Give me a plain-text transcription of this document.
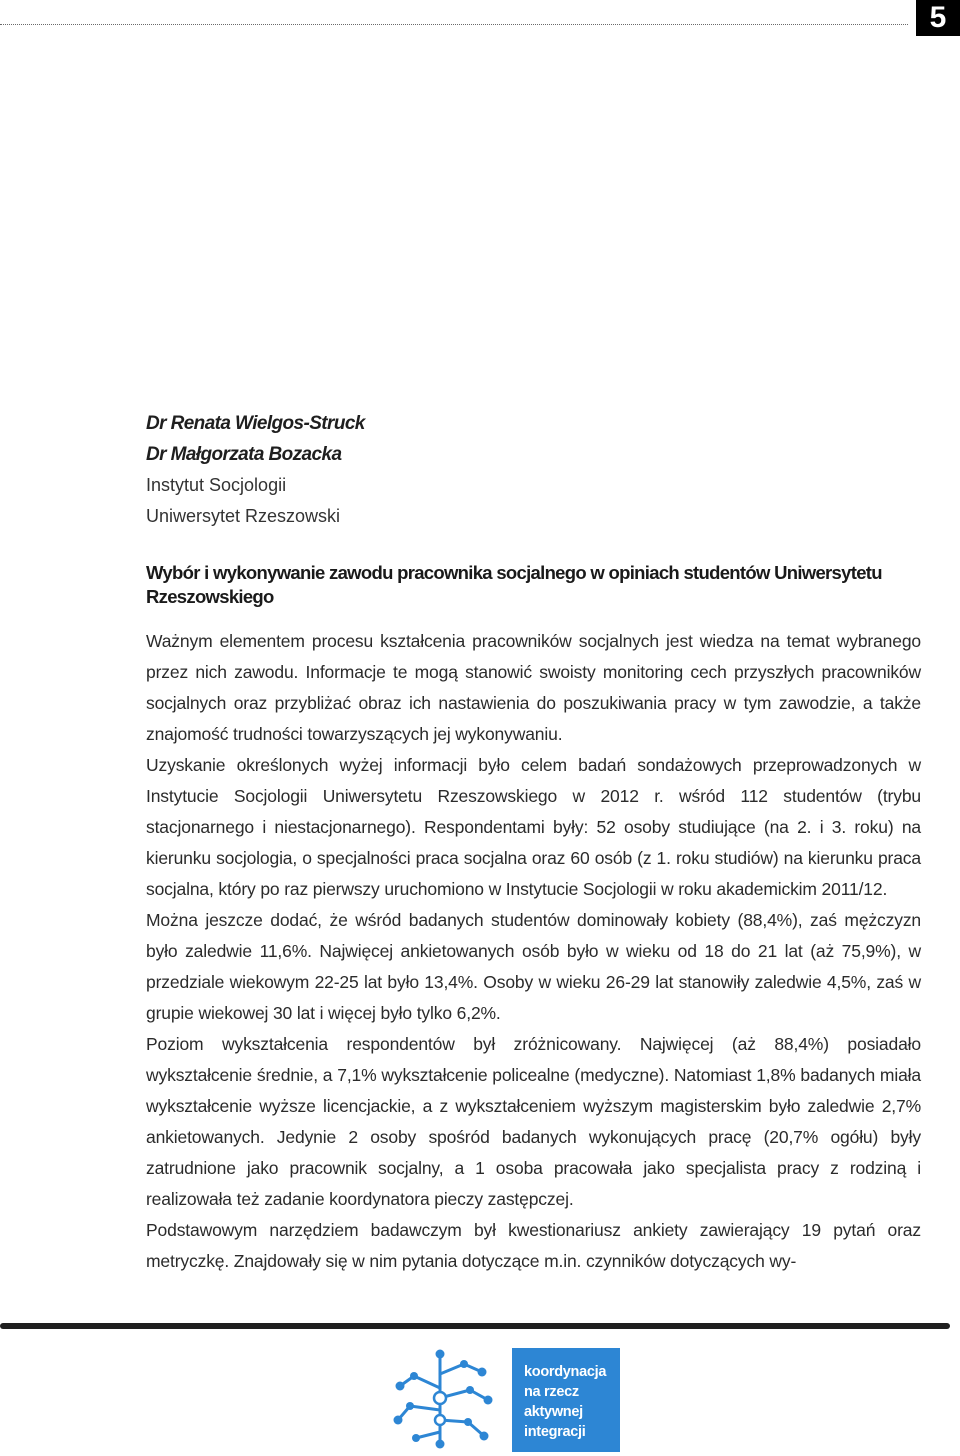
5
Dr Renata Wielgos-Struck
Dr Małgorzata Bozacka
Instytut Socjologii
Uniwersytet Rzeszowski
Wybór i wykonywanie zawodu pracownika socjalnego w opiniach studentów Uniwersytetu Rzeszowskiego

Ważnym elementem procesu kształcenia pracowników socjalnych jest wiedza na temat wybranego przez nich zawodu. Informacje te mogą stanowić swoisty monitoring cech przyszłych pracowników socjalnych oraz przybliżać obraz ich nastawienia do poszukiwania pracy w tym zawodzie, a także znajomość trudności towarzyszących jej wykonywaniu.

Uzyskanie określonych wyżej informacji było celem badań sondażowych przeprowadzonych w Instytucie Socjologii Uniwersytetu Rzeszowskiego w 2012 r. wśród 112 studentów (trybu stacjonarnego i niestacjonarnego). Respondentami były: 52 osoby studiujące (na 2. i 3. roku) na kierunku socjologia, o specjalności praca socjalna oraz 60 osób (z 1. roku studiów) na kierunku praca socjalna, który po raz pierwszy uruchomiono w Instytucie Socjologii w roku akademickim 2011/12.

Można jeszcze dodać, że wśród badanych studentów dominowały kobiety (88,4%), zaś mężczyzn było zaledwie 11,6%. Najwięcej ankietowanych osób było w wieku od 18 do 21 lat (aż 75,9%), w przedziale wiekowym 22-25 lat było 13,4%. Osoby w wieku 26-29 lat stanowiły zaledwie 4,5%, zaś w grupie wiekowej 30 lat i więcej było tylko 6,2%.

Poziom wykształcenia respondentów był zróżnicowany. Najwięcej (aż 88,4%) posiadało wykształcenie średnie, a 7,1% wykształcenie policealne (medyczne). Natomiast 1,8% badanych miała wykształcenie wyższe licencjackie, a z wykształceniem wyższym magisterskim było zaledwie 2,7% ankietowanych. Jedynie 2 osoby spośród badanych wykonujących pracę (20,7% ogółu) były zatrudnione jako pracownik socjalny, a 1 osoba pracowała jako specjalista pracy z rodziną i realizowała też zadanie koordynatora pieczy zastępczej.

Podstawowym narzędziem badawczym był kwestionariusz ankiety zawierający 19 pytań oraz metryczkę. Znajdowały się w nim pytania dotyczące m.in. czynników dotyczących wy-

koordynacja
na rzecz
aktywnej
integracji
